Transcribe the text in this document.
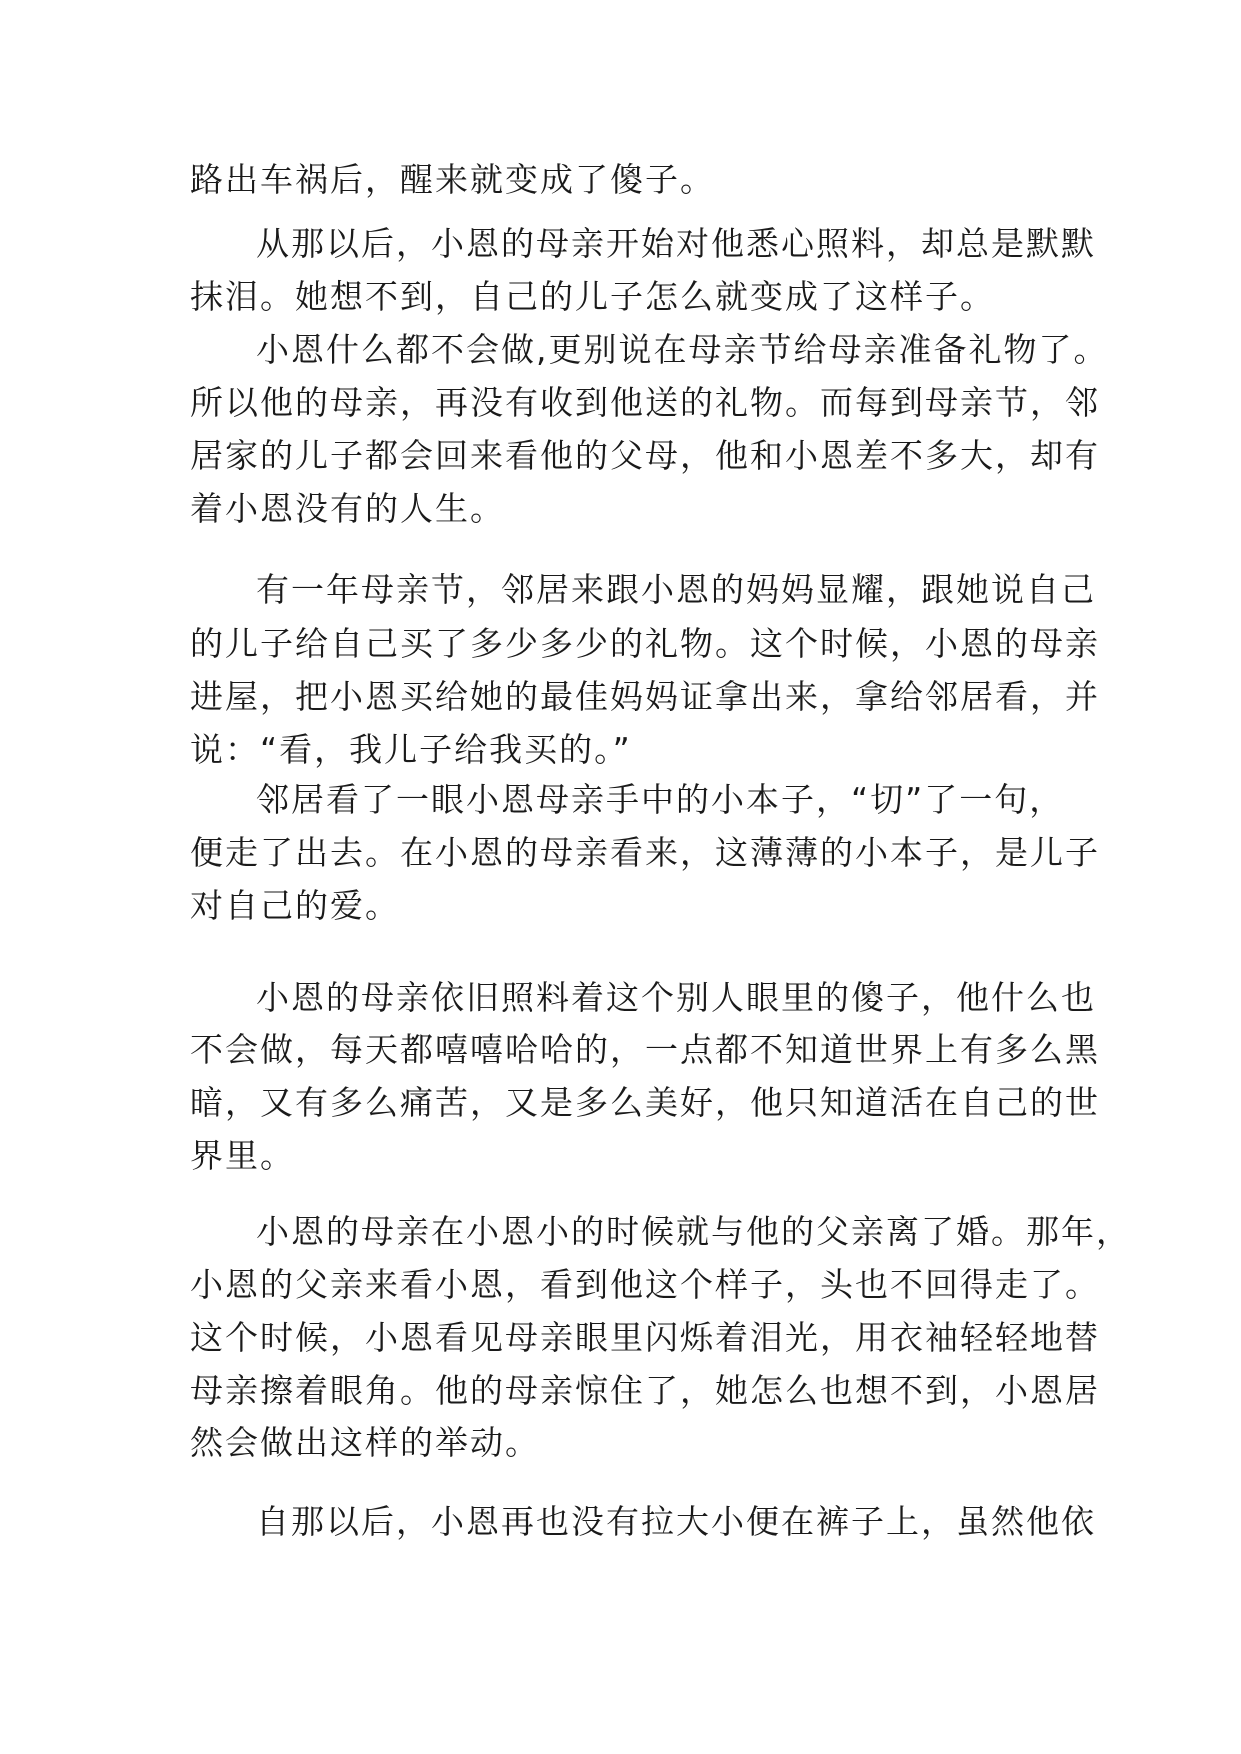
路出车祸后，醒来就变成了傻子。
从那以后，小恩的母亲开始对他悉心照料，却总是默默
抹泪。她想不到，自己的儿子怎么就变成了这样子。
小恩什么都不会做,更别说在母亲节给母亲准备礼物了。
所以他的母亲，再没有收到他送的礼物。而每到母亲节，邻
居家的儿子都会回来看他的父母，他和小恩差不多大，却有
着小恩没有的人生。
有一年母亲节，邻居来跟小恩的妈妈显耀，跟她说自己
的儿子给自己买了多少多少的礼物。这个时候，小恩的母亲
进屋，把小恩买给她的最佳妈妈证拿出来，拿给邻居看，并
说：“看，我儿子给我买的。”
邻居看了一眼小恩母亲手中的小本子，“切”了一句，
便走了出去。在小恩的母亲看来，这薄薄的小本子，是儿子
对自己的爱。
小恩的母亲依旧照料着这个别人眼里的傻子，他什么也
不会做，每天都嘻嘻哈哈的，一点都不知道世界上有多么黑
暗，又有多么痛苦，又是多么美好，他只知道活在自己的世
界里。
小恩的母亲在小恩小的时候就与他的父亲离了婚。那年，
小恩的父亲来看小恩，看到他这个样子，头也不回得走了。
这个时候，小恩看见母亲眼里闪烁着泪光，用衣袖轻轻地替
母亲擦着眼角。他的母亲惊住了，她怎么也想不到，小恩居
然会做出这样的举动。
自那以后，小恩再也没有拉大小便在裤子上，虽然他依
